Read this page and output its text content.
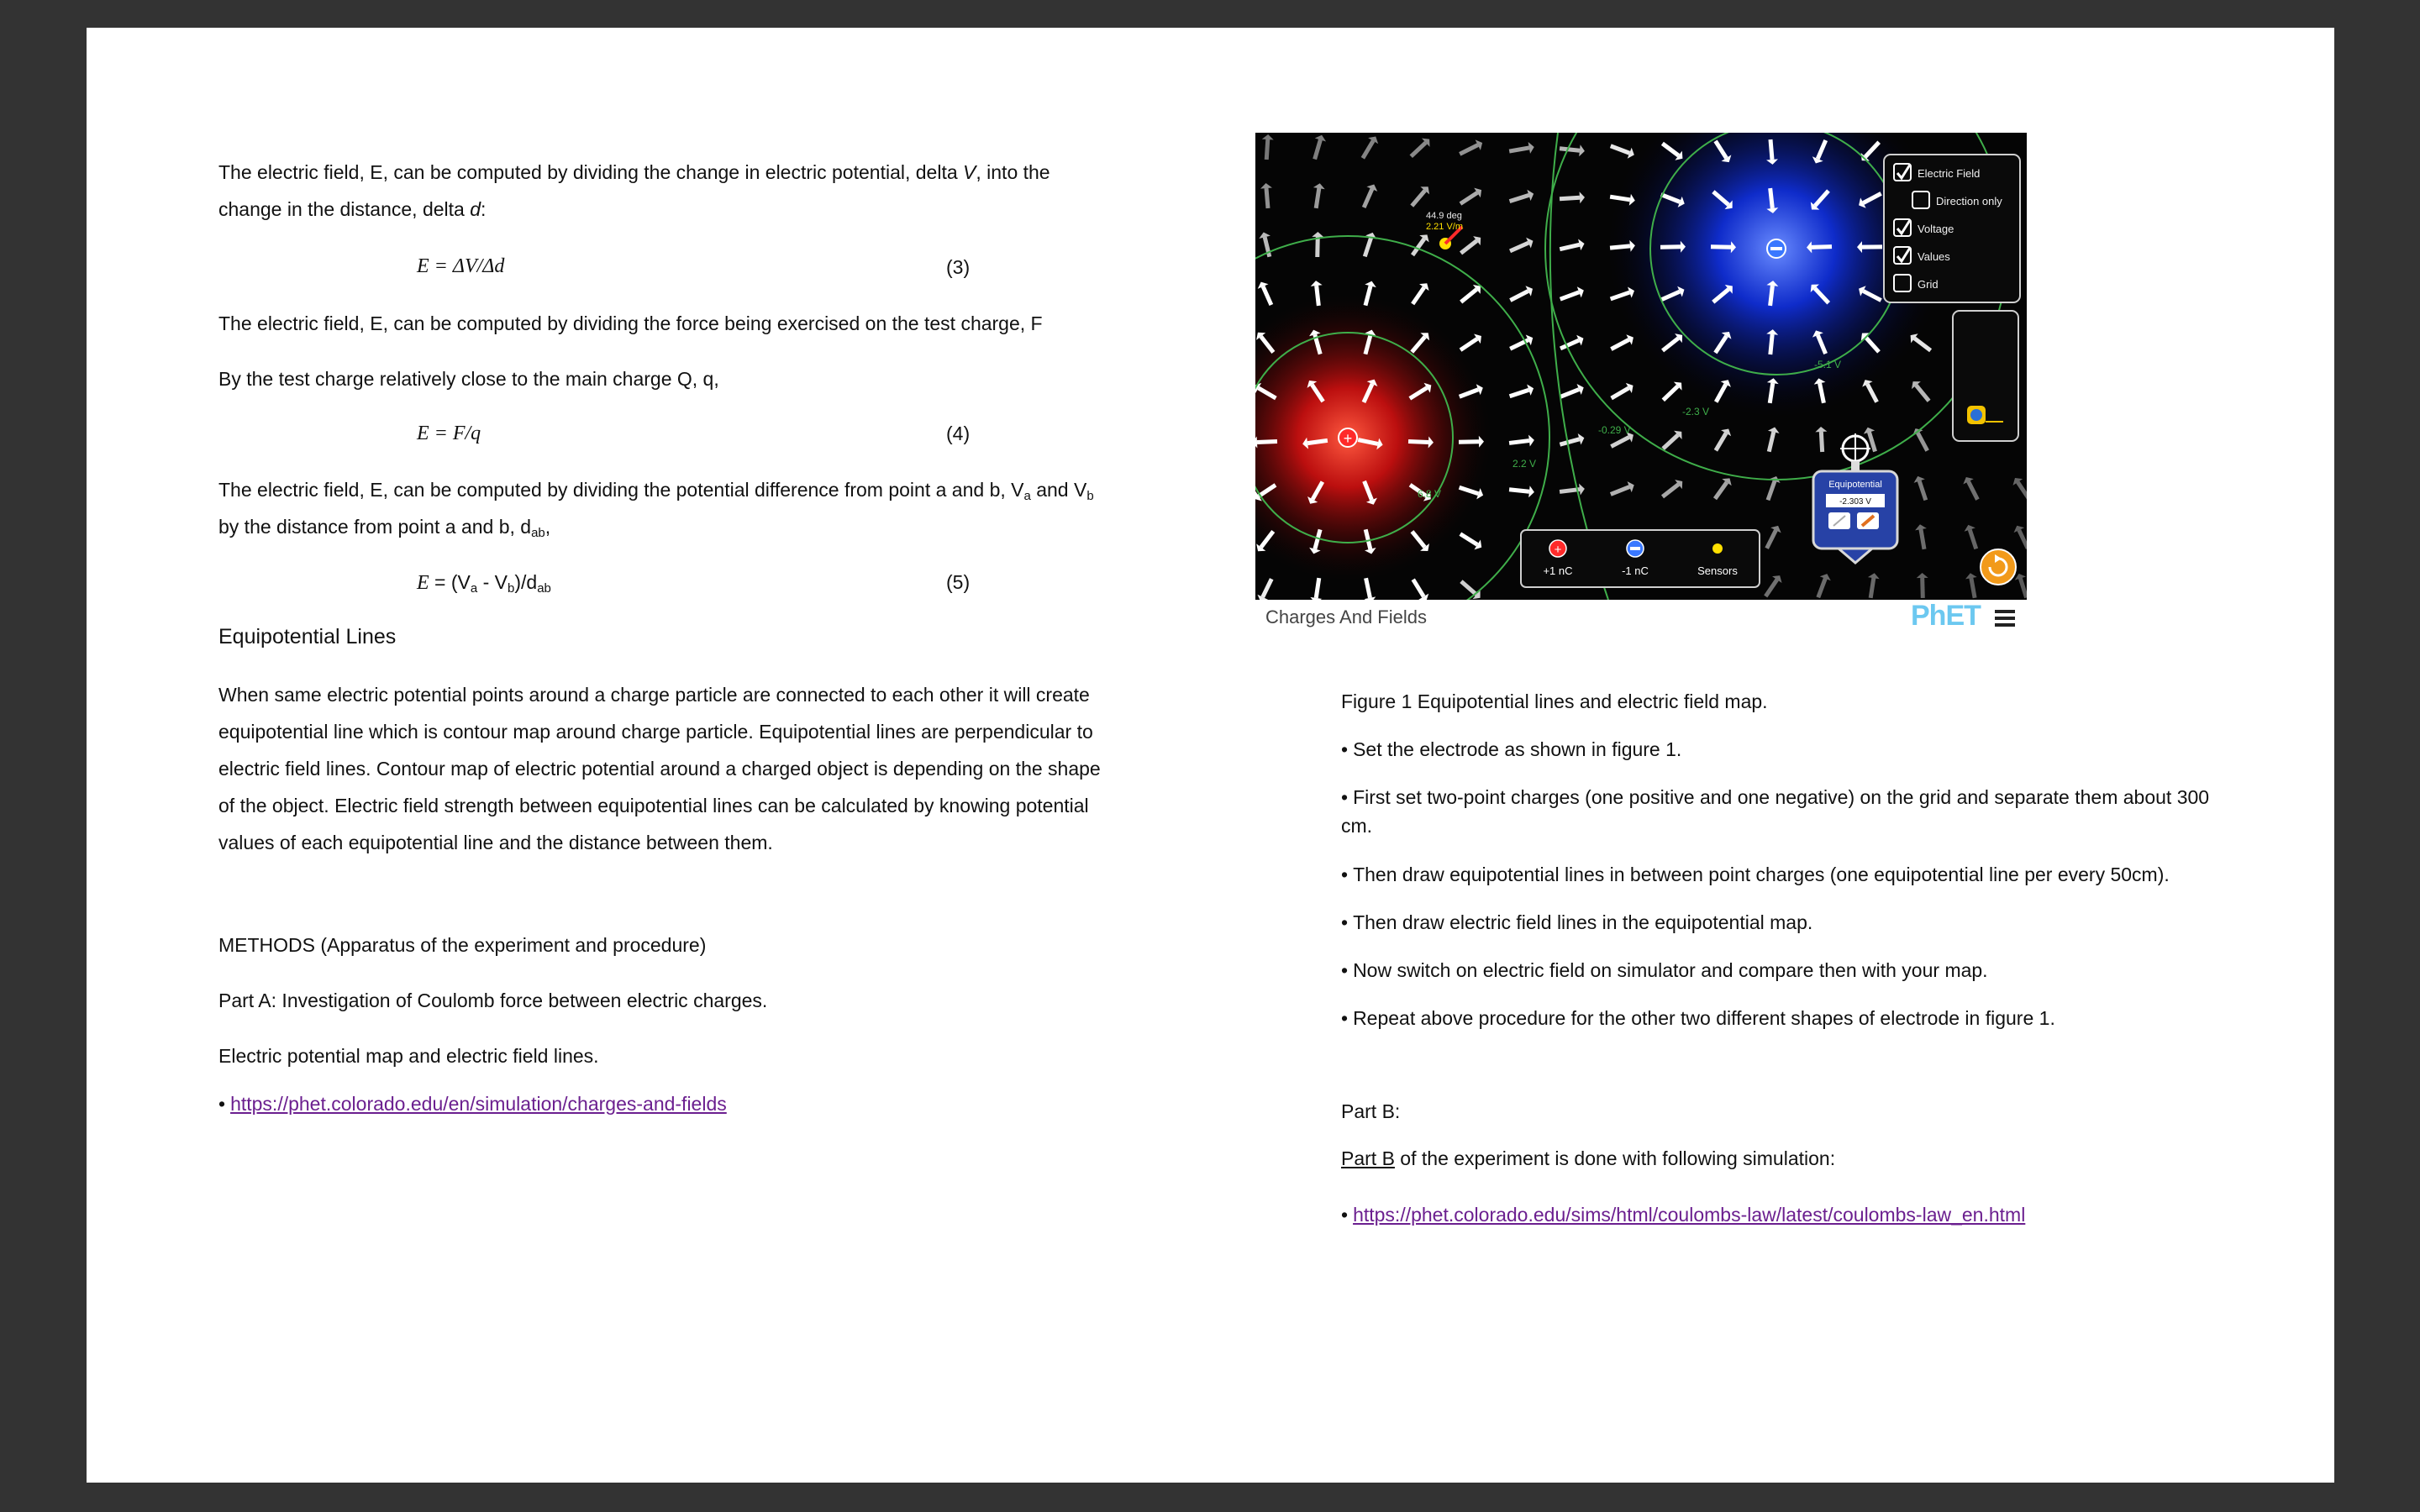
The electric field, E, can be computed by dividing the change in electric potential, delta V, into the
change in the distance, delta d:
E = ΔV/Δd	(3)
The electric field, E, can be computed by dividing the force being exercised on the test charge, F
By the test charge relatively close to the main charge Q, q,
E = F/q	(4)
The electric field, E, can be computed by dividing the potential difference from point a and b, $V_a$ and $V_b$
by the distance from point a and b, $d_{ab}$,
$E = (V_a - V_b)/d_{ab}$	(5)
Equipotential Lines
When same electric potential points around a charge particle are connected to each other it will create
equipotential line which is contour map around charge particle. Equipotential lines are perpendicular to
electric field lines. Contour map of electric potential around a charged object is depending on the shape
of the object. Electric field strength between equipotential lines can be calculated by knowing potential
values of each equipotential line and the distance between them.
METHODS (Apparatus of the experiment and procedure)
Part A: Investigation of Coulomb force between electric charges.
Electric potential map and electric field lines.
• https://phet.colorado.edu/en/simulation/charges-and-fields
+
44.9 deg
2.21 V/m
-5.1 V
-2.3 V
-0.29 V
2.2 V
6.8 V
Electric Field
Direction only
Voltage
Values
Grid
Equipotential
-2.303 V
+
+1 nC	-1 nC	Sensors
Charges And Fields	PhET
Figure 1 Equipotential lines and electric field map.
• Set the electrode as shown in figure 1.
• First set two-point charges (one positive and one negative) on the grid and separate them about 300
cm.
• Then draw equipotential lines in between point charges (one equipotential line per every 50cm).
• Then draw electric field lines in the equipotential map.
• Now switch on electric field on simulator and compare then with your map.
• Repeat above procedure for the other two different shapes of electrode in figure 1.
Part B:
Part B of the experiment is done with following simulation:
• https://phet.colorado.edu/sims/html/coulombs-law/latest/coulombs-law_en.html
